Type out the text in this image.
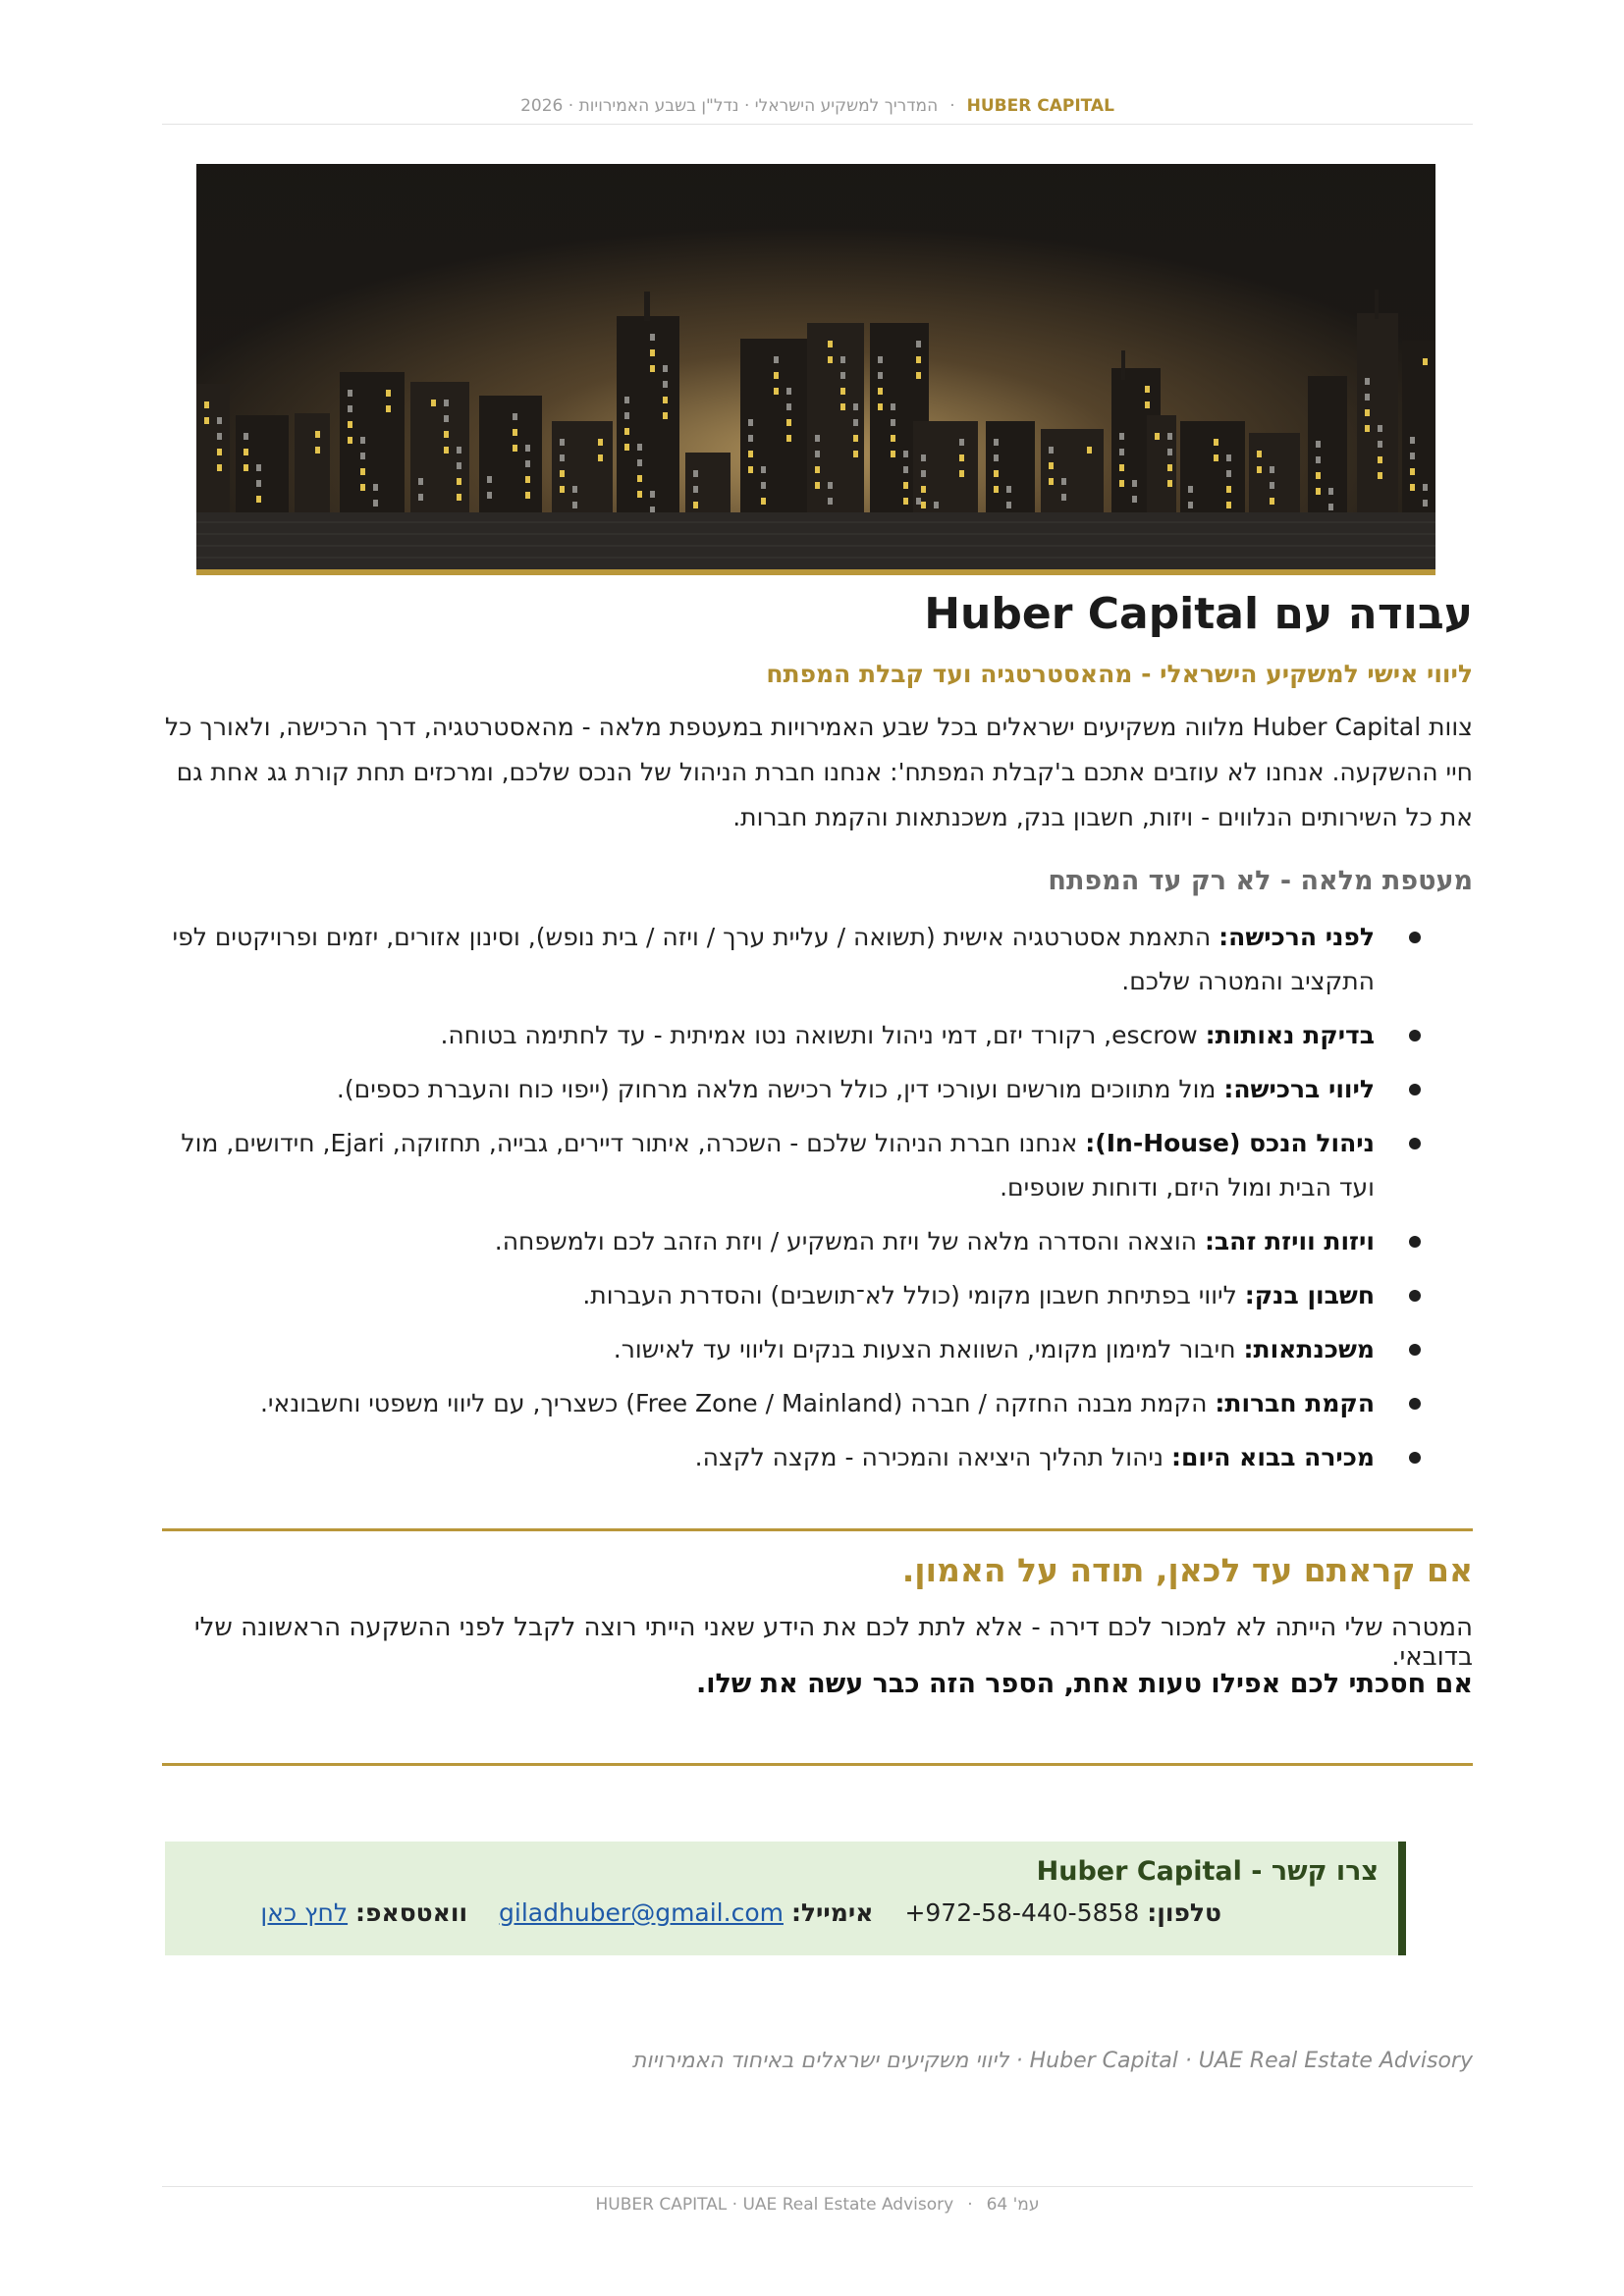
HUBER CAPITAL
·
המדריך למשקיע הישראלי · נדל"ן בשבע האמירויות · 2026
עבודה עם Huber Capital
ליווי אישי למשקיע הישראלי - מהאסטרטגיה ועד קבלת המפתח

צוות Huber Capital מלווה משקיעים ישראלים בכל שבע האמירויות במעטפת מלאה - מהאסטרטגיה, דרך הרכישה, ולאורך כל חיי ההשקעה. אנחנו לא עוזבים אתכם ב'קבלת המפתח': אנחנו חברת הניהול של הנכס שלכם, ומרכזים תחת קורת גג אחת גם את כל השירותים הנלווים - ויזות, חשבון בנק, משכנתאות והקמת חברות.

מעטפת מלאה - לא רק עד המפתח
לפני הרכישה: התאמת אסטרטגיה אישית (תשואה / עליית ערך / ויזה / בית נופש), וסינון אזורים, יזמים ופרויקטים לפי התקציב והמטרה שלכם.
בדיקת נאותות: escrow, רקורד יזם, דמי ניהול ותשואה נטו אמיתית - עד לחתימה בטוחה.
ליווי ברכישה: מול מתווכים מורשים ועורכי דין, כולל רכישה מלאה מרחוק (ייפוי כוח והעברת כספים).
ניהול הנכס (In-House): אנחנו חברת הניהול שלכם - השכרה, איתור דיירים, גבייה, תחזוקה, Ejari, חידושים, מול ועד הבית ומול היזם, ודוחות שוטפים.
ויזות וויזת זהב: הוצאה והסדרה מלאה של ויזת המשקיע / ויזת הזהב לכם ולמשפחה.
חשבון בנק: ליווי בפתיחת חשבון מקומי (כולל לא־תושבים) והסדרת העברות.
משכנתאות: חיבור למימון מקומי, השוואת הצעות בנקים וליווי עד לאישור.
הקמת חברות: הקמת מבנה החזקה / חברה (Free Zone / Mainland) כשצריך, עם ליווי משפטי וחשבונאי.
מכירה בבוא היום: ניהול תהליך היציאה והמכירה - מקצה לקצה.
אם קראתם עד לכאן, תודה על האמון.
המטרה שלי הייתה לא למכור לכם דירה - אלא לתת לכם את הידע שאני הייתי רוצה לקבל לפני ההשקעה הראשונה שלי בדובאי.
אם חסכתי לכם אפילו טעות אחת, הספר הזה כבר עשה את שלו.
צרו קשר - Huber Capital
טלפון: +972-58-440-5858
אימייל: giladhuber@gmail.com
וואטסאפ: לחץ כאן
Huber Capital · UAE Real Estate Advisory · ליווי משקיעים ישראלים באיחוד האמירויות
עמ' 64
·
HUBER CAPITAL · UAE Real Estate Advisory
